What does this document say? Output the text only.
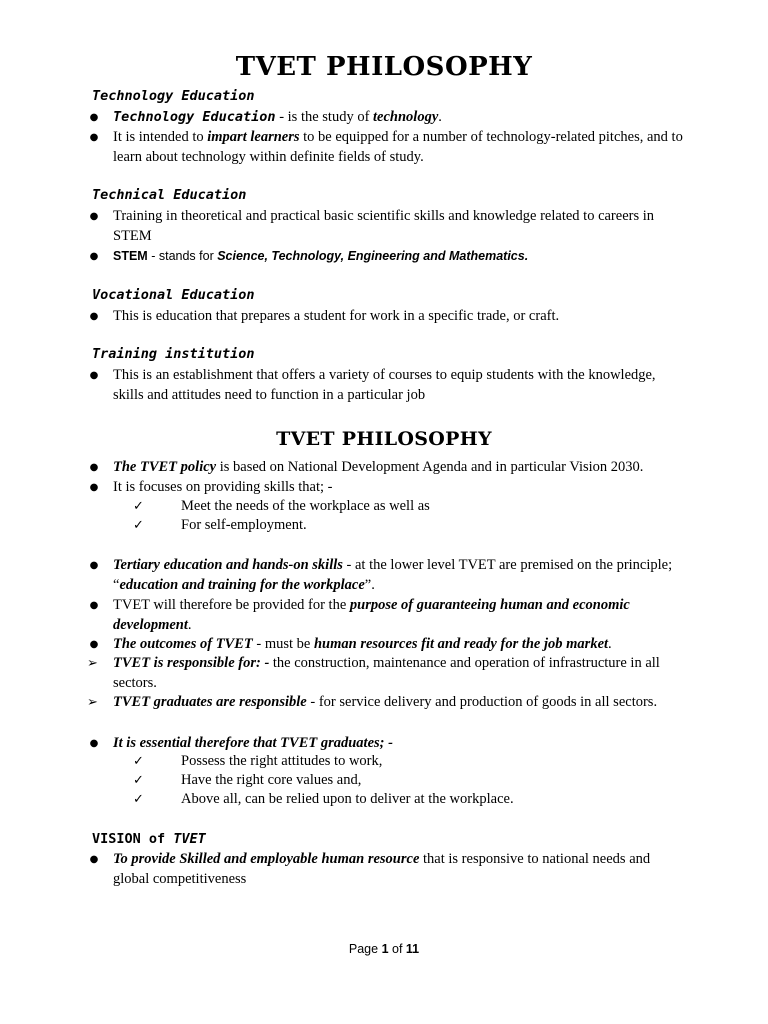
TVET PHILOSOPHY
Technology Education
● Technology Education - is the study of technology.
● It is intended to impart learners to be equipped for a number of technology-related pitches, and to learn about technology within definite fields of study.
Technical Education
● Training in theoretical and practical basic scientific skills and knowledge related to careers in STEM
● STEM - stands for Science, Technology, Engineering and Mathematics.
Vocational Education
● This is education that prepares a student for work in a specific trade, or craft.
Training institution
● This is an establishment that offers a variety of courses to equip students with the knowledge, skills and attitudes need to function in a particular job
TVET PHILOSOPHY
● The TVET policy is based on National Development Agenda and in particular Vision 2030.
● It is focuses on providing skills that; -
✓	Meet the needs of the workplace as well as
✓	For self-employment.
● Tertiary education and hands-on skills - at the lower level TVET are premised on the principle; “education and training for the workplace”.
● TVET will therefore be provided for the purpose of guaranteeing human and economic development.
● The outcomes of TVET - must be human resources fit and ready for the job market.
➢ TVET is responsible for: - the construction, maintenance and operation of infrastructure in all sectors.
➢ TVET graduates are responsible - for service delivery and production of goods in all sectors.
● It is essential therefore that TVET graduates; -
✓	Possess the right attitudes to work,
✓	Have the right core values and,
✓	Above all, can be relied upon to deliver at the workplace.
VISION of TVET
● To provide Skilled and employable human resource that is responsive to national needs and global competitiveness
Page 1 of 11
